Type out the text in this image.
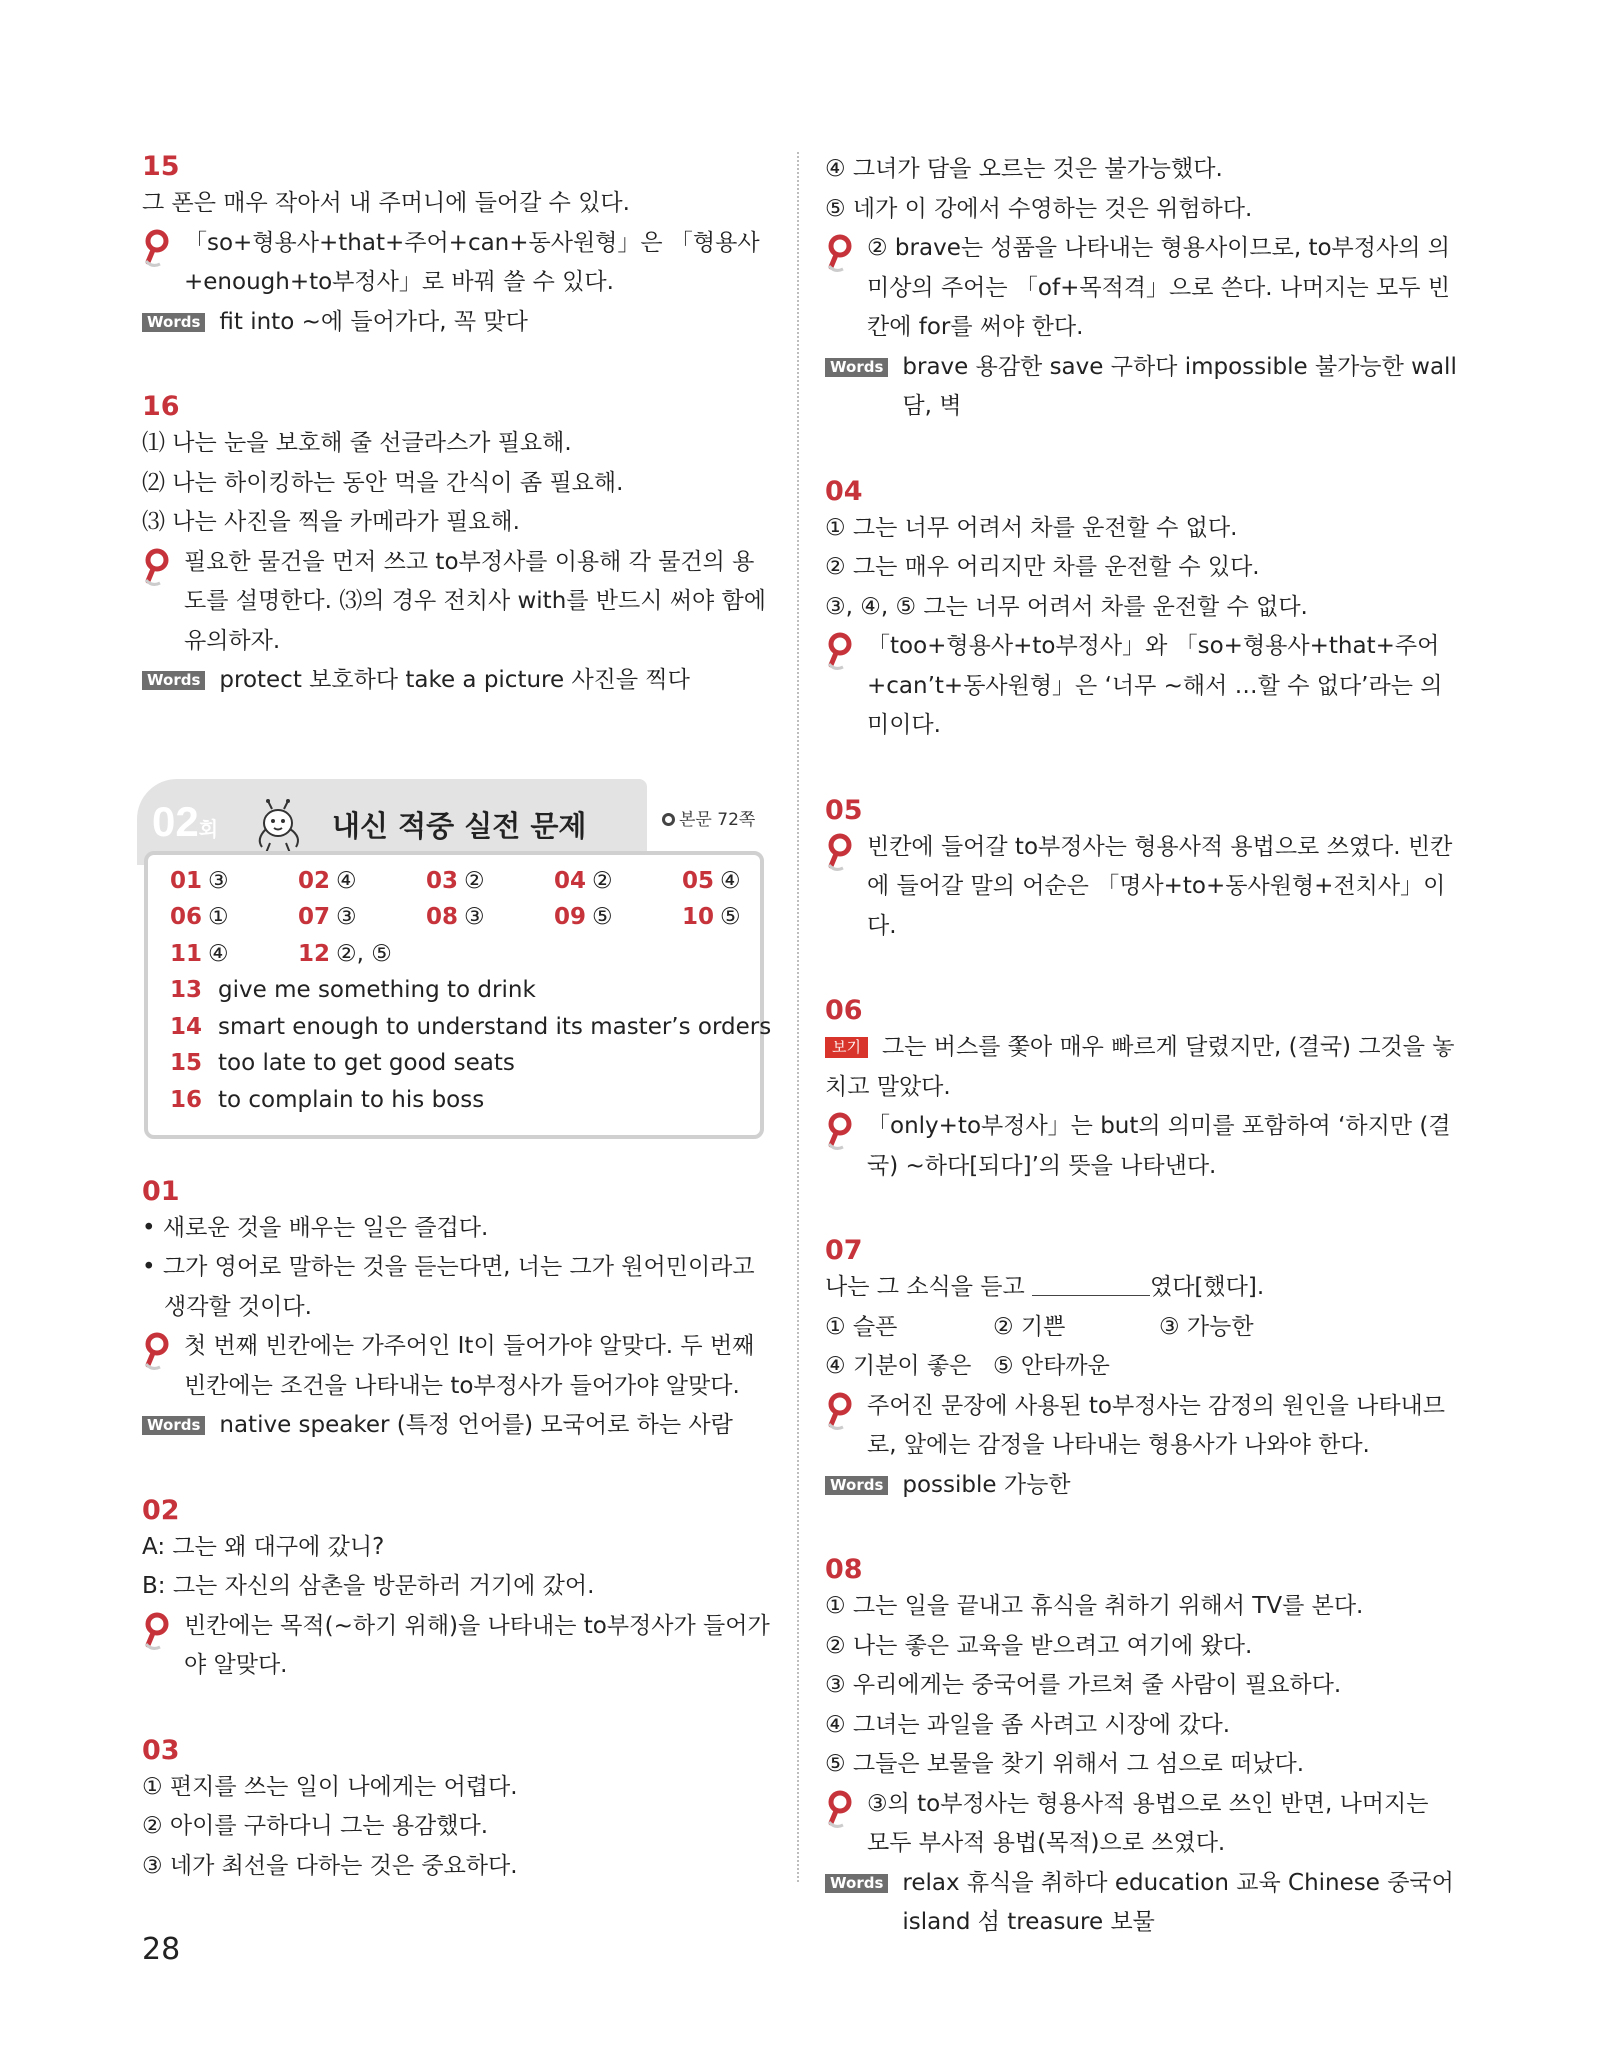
15
그 폰은 매우 작아서 내 주머니에 들어갈 수 있다.
「so+형용사+that+주어+can+동사원형」은 「형용사+enough+to부정사」로 바꿔 쓸 수 있다.
Words fit into ~에 들어가다, 꼭 맞다
16
⑴ 나는 눈을 보호해 줄 선글라스가 필요해.
⑵ 나는 하이킹하는 동안 먹을 간식이 좀 필요해.
⑶ 나는 사진을 찍을 카메라가 필요해.
필요한 물건을 먼저 쓰고 to부정사를 이용해 각 물건의 용도를 설명한다. ⑶의 경우 전치사 with를 반드시 써야 함에 유의하자.
Words protect 보호하다 take a picture 사진을 찍다
02회	내신 적중 실전 문제	본문 72쪽
01 ③	02 ④	03 ②	04 ②	05 ④
06 ①	07 ③	08 ③	09 ⑤	10 ⑤
11 ④	12 ②, ⑤
13 give me something to drink
14 smart enough to understand its master’s orders
15 too late to get good seats
16 to complain to his boss
01
• 새로운 것을 배우는 일은 즐겁다.
• 그가 영어로 말하는 것을 듣는다면, 너는 그가 원어민이라고
생각할 것이다.
첫 번째 빈칸에는 가주어인 It이 들어가야 알맞다. 두 번째 빈칸에는 조건을 나타내는 to부정사가 들어가야 알맞다.
Words native speaker (특정 언어를) 모국어로 하는 사람
02
A: 그는 왜 대구에 갔니?
B: 그는 자신의 삼촌을 방문하러 거기에 갔어.
빈칸에는 목적(~하기 위해)을 나타내는 to부정사가 들어가야 알맞다.
03
① 편지를 쓰는 일이 나에게는 어렵다.
② 아이를 구하다니 그는 용감했다.
③ 네가 최선을 다하는 것은 중요하다.
④ 그녀가 담을 오르는 것은 불가능했다.
⑤ 네가 이 강에서 수영하는 것은 위험하다.
② brave는 성품을 나타내는 형용사이므로, to부정사의 의미상의 주어는 「of+목적격」으로 쓴다. 나머지는 모두 빈칸에 for를 써야 한다.
Words brave 용감한 save 구하다 impossible 불가능한 wall 담, 벽
04
① 그는 너무 어려서 차를 운전할 수 없다.
② 그는 매우 어리지만 차를 운전할 수 있다.
③, ④, ⑤ 그는 너무 어려서 차를 운전할 수 없다.
「too+형용사+to부정사」와 「so+형용사+that+주어+can’t+동사원형」은 ‘너무 ~해서 …할 수 없다’라는 의미이다.
05
빈칸에 들어갈 to부정사는 형용사적 용법으로 쓰였다. 빈칸에 들어갈 말의 어순은 「명사+to+동사원형+전치사」이다.
06
보기 그는 버스를 쫓아 매우 빠르게 달렸지만, (결국) 그것을 놓치고 말았다.
「only+to부정사」는 but의 의미를 포함하여 ‘하지만 (결국) ~하다[되다]’의 뜻을 나타낸다.
07
나는 그 소식을 듣고	였다[했다].
① 슬픈	② 기쁜	③ 가능한
④ 기분이 좋은 ⑤ 안타까운
주어진 문장에 사용된 to부정사는 감정의 원인을 나타내므로, 앞에는 감정을 나타내는 형용사가 나와야 한다.
Words possible 가능한
08
① 그는 일을 끝내고 휴식을 취하기 위해서 TV를 본다.
② 나는 좋은 교육을 받으려고 여기에 왔다.
③ 우리에게는 중국어를 가르쳐 줄 사람이 필요하다.
④ 그녀는 과일을 좀 사려고 시장에 갔다.
⑤ 그들은 보물을 찾기 위해서 그 섬으로 떠났다.
③의 to부정사는 형용사적 용법으로 쓰인 반면, 나머지는 모두 부사적 용법(목적)으로 쓰였다.
Words relax 휴식을 취하다 education 교육 Chinese 중국어 island 섬 treasure 보물
28
